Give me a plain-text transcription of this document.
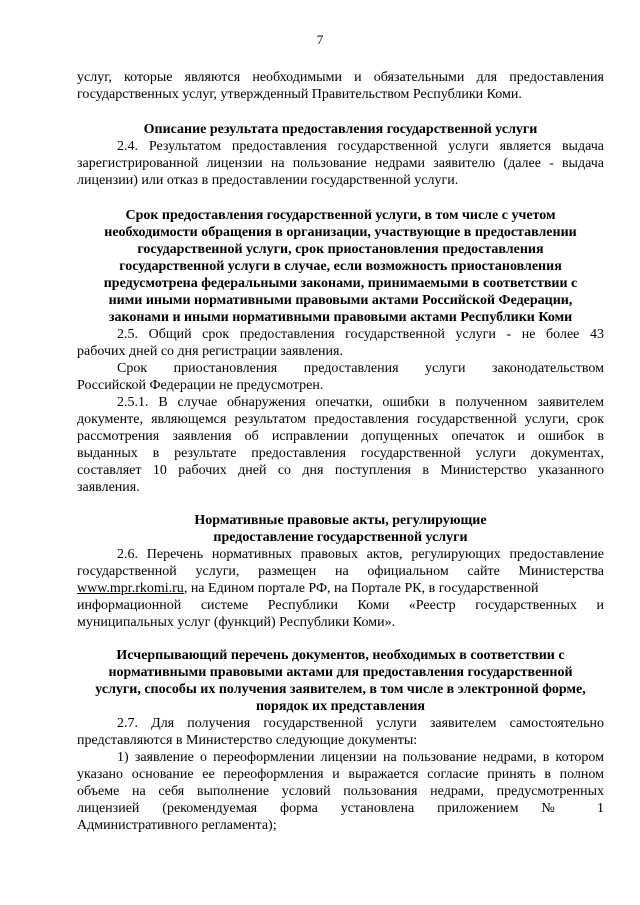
7
услуг, которые являются необходимыми и обязательными для предоставления
государственных услуг, утвержденный Правительством Республики Коми.
Описание результата предоставления государственной услуги
2.4. Результатом предоставления государственной услуги является выдача
зарегистрированной лицензии на пользование недрами заявителю (далее - выдача
лицензии) или отказ в предоставлении государственной услуги.
Срок предоставления государственной услуги, в том числе с учетом
необходимости обращения в организации, участвующие в предоставлении
государственной услуги, срок приостановления предоставления
государственной услуги в случае, если возможность приостановления
предусмотрена федеральными законами, принимаемыми в соответствии с
ними иными нормативными правовыми актами Российской Федерации,
законами и иными нормативными правовыми актами Республики Коми
2.5. Общий срок предоставления государственной услуги - не более 43
рабочих дней со дня регистрации заявления.
Срок приостановления предоставления услуги законодательством
Российской Федерации не предусмотрен.
2.5.1. В случае обнаружения опечатки, ошибки в полученном заявителем
документе, являющемся результатом предоставления государственной услуги, срок
рассмотрения заявления об исправлении допущенных опечаток и ошибок в
выданных в результате предоставления государственной услуги документах,
составляет 10 рабочих дней со дня поступления в Министерство указанного
заявления.
Нормативные правовые акты, регулирующие
предоставление государственной услуги
2.6. Перечень нормативных правовых актов, регулирующих предоставление
государственной услуги, размещен на официальном сайте Министерства
www.mpr.rkomi.ru, на Едином портале РФ, на Портале РК, в государственной
информационной системе Республики Коми «Реестр государственных и
муниципальных услуг (функций) Республики Коми».
Исчерпывающий перечень документов, необходимых в соответствии с
нормативными правовыми актами для предоставления государственной
услуги, способы их получения заявителем, в том числе в электронной форме,
порядок их представления
2.7. Для получения государственной услуги заявителем самостоятельно
представляются в Министерство следующие документы:
1) заявление о переоформлении лицензии на пользование недрами, в котором
указано основание ее переоформления и выражается согласие принять в полном
объеме на себя выполнение условий пользования недрами, предусмотренных
лицензией (рекомендуемая форма установлена приложением № 1
Административного регламента);
